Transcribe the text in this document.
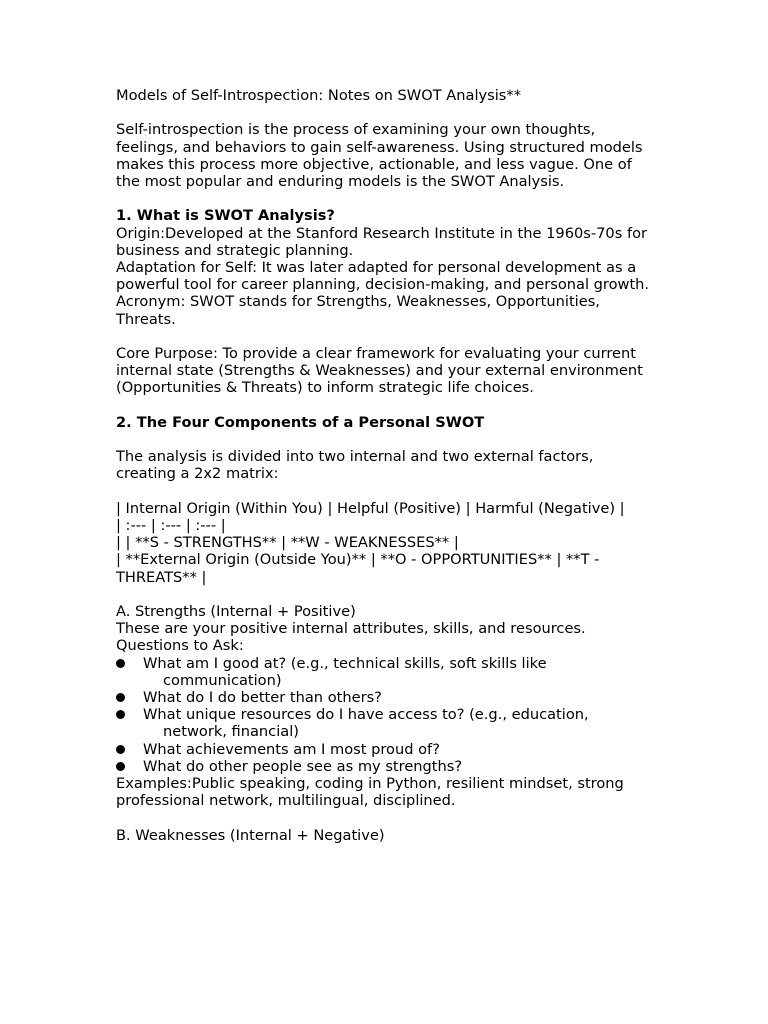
Models of Self-Introspection: Notes on SWOT Analysis**

Self-introspection is the process of examining your own thoughts, feelings, and behaviors to gain self-awareness. Using structured models makes this process more objective, actionable, and less vague. One of the most popular and enduring models is the SWOT Analysis.

1. What is SWOT Analysis?

Origin:Developed at the Stanford Research Institute in the 1960s-70s for business and strategic planning.

Adaptation for Self: It was later adapted for personal development as a powerful tool for career planning, decision-making, and personal growth.

Acronym: SWOT stands for Strengths, Weaknesses, Opportunities, Threats.

Core Purpose: To provide a clear framework for evaluating your current internal state (Strengths & Weaknesses) and your external environment (Opportunities & Threats) to inform strategic life choices.

2. The Four Components of a Personal SWOT

The analysis is divided into two internal and two external factors, creating a 2x2 matrix:

| Internal Origin (Within You) | Helpful (Positive) | Harmful (Negative) |

| :--- | :--- | :--- |

| | **S - STRENGTHS** | **W - WEAKNESSES** |

| **External Origin (Outside You)** | **O - OPPORTUNITIES** | **T - THREATS** |

A. Strengths (Internal + Positive)

These are your positive internal attributes, skills, and resources.

Questions to Ask:

What am I good at? (e.g., technical skills, soft skills like communication)
What do I do better than others?
What unique resources do I have access to? (e.g., education, network, financial)
What achievements am I most proud of?
What do other people see as my strengths?

Examples:Public speaking, coding in Python, resilient mindset, strong professional network, multilingual, disciplined.

B. Weaknesses (Internal + Negative)
